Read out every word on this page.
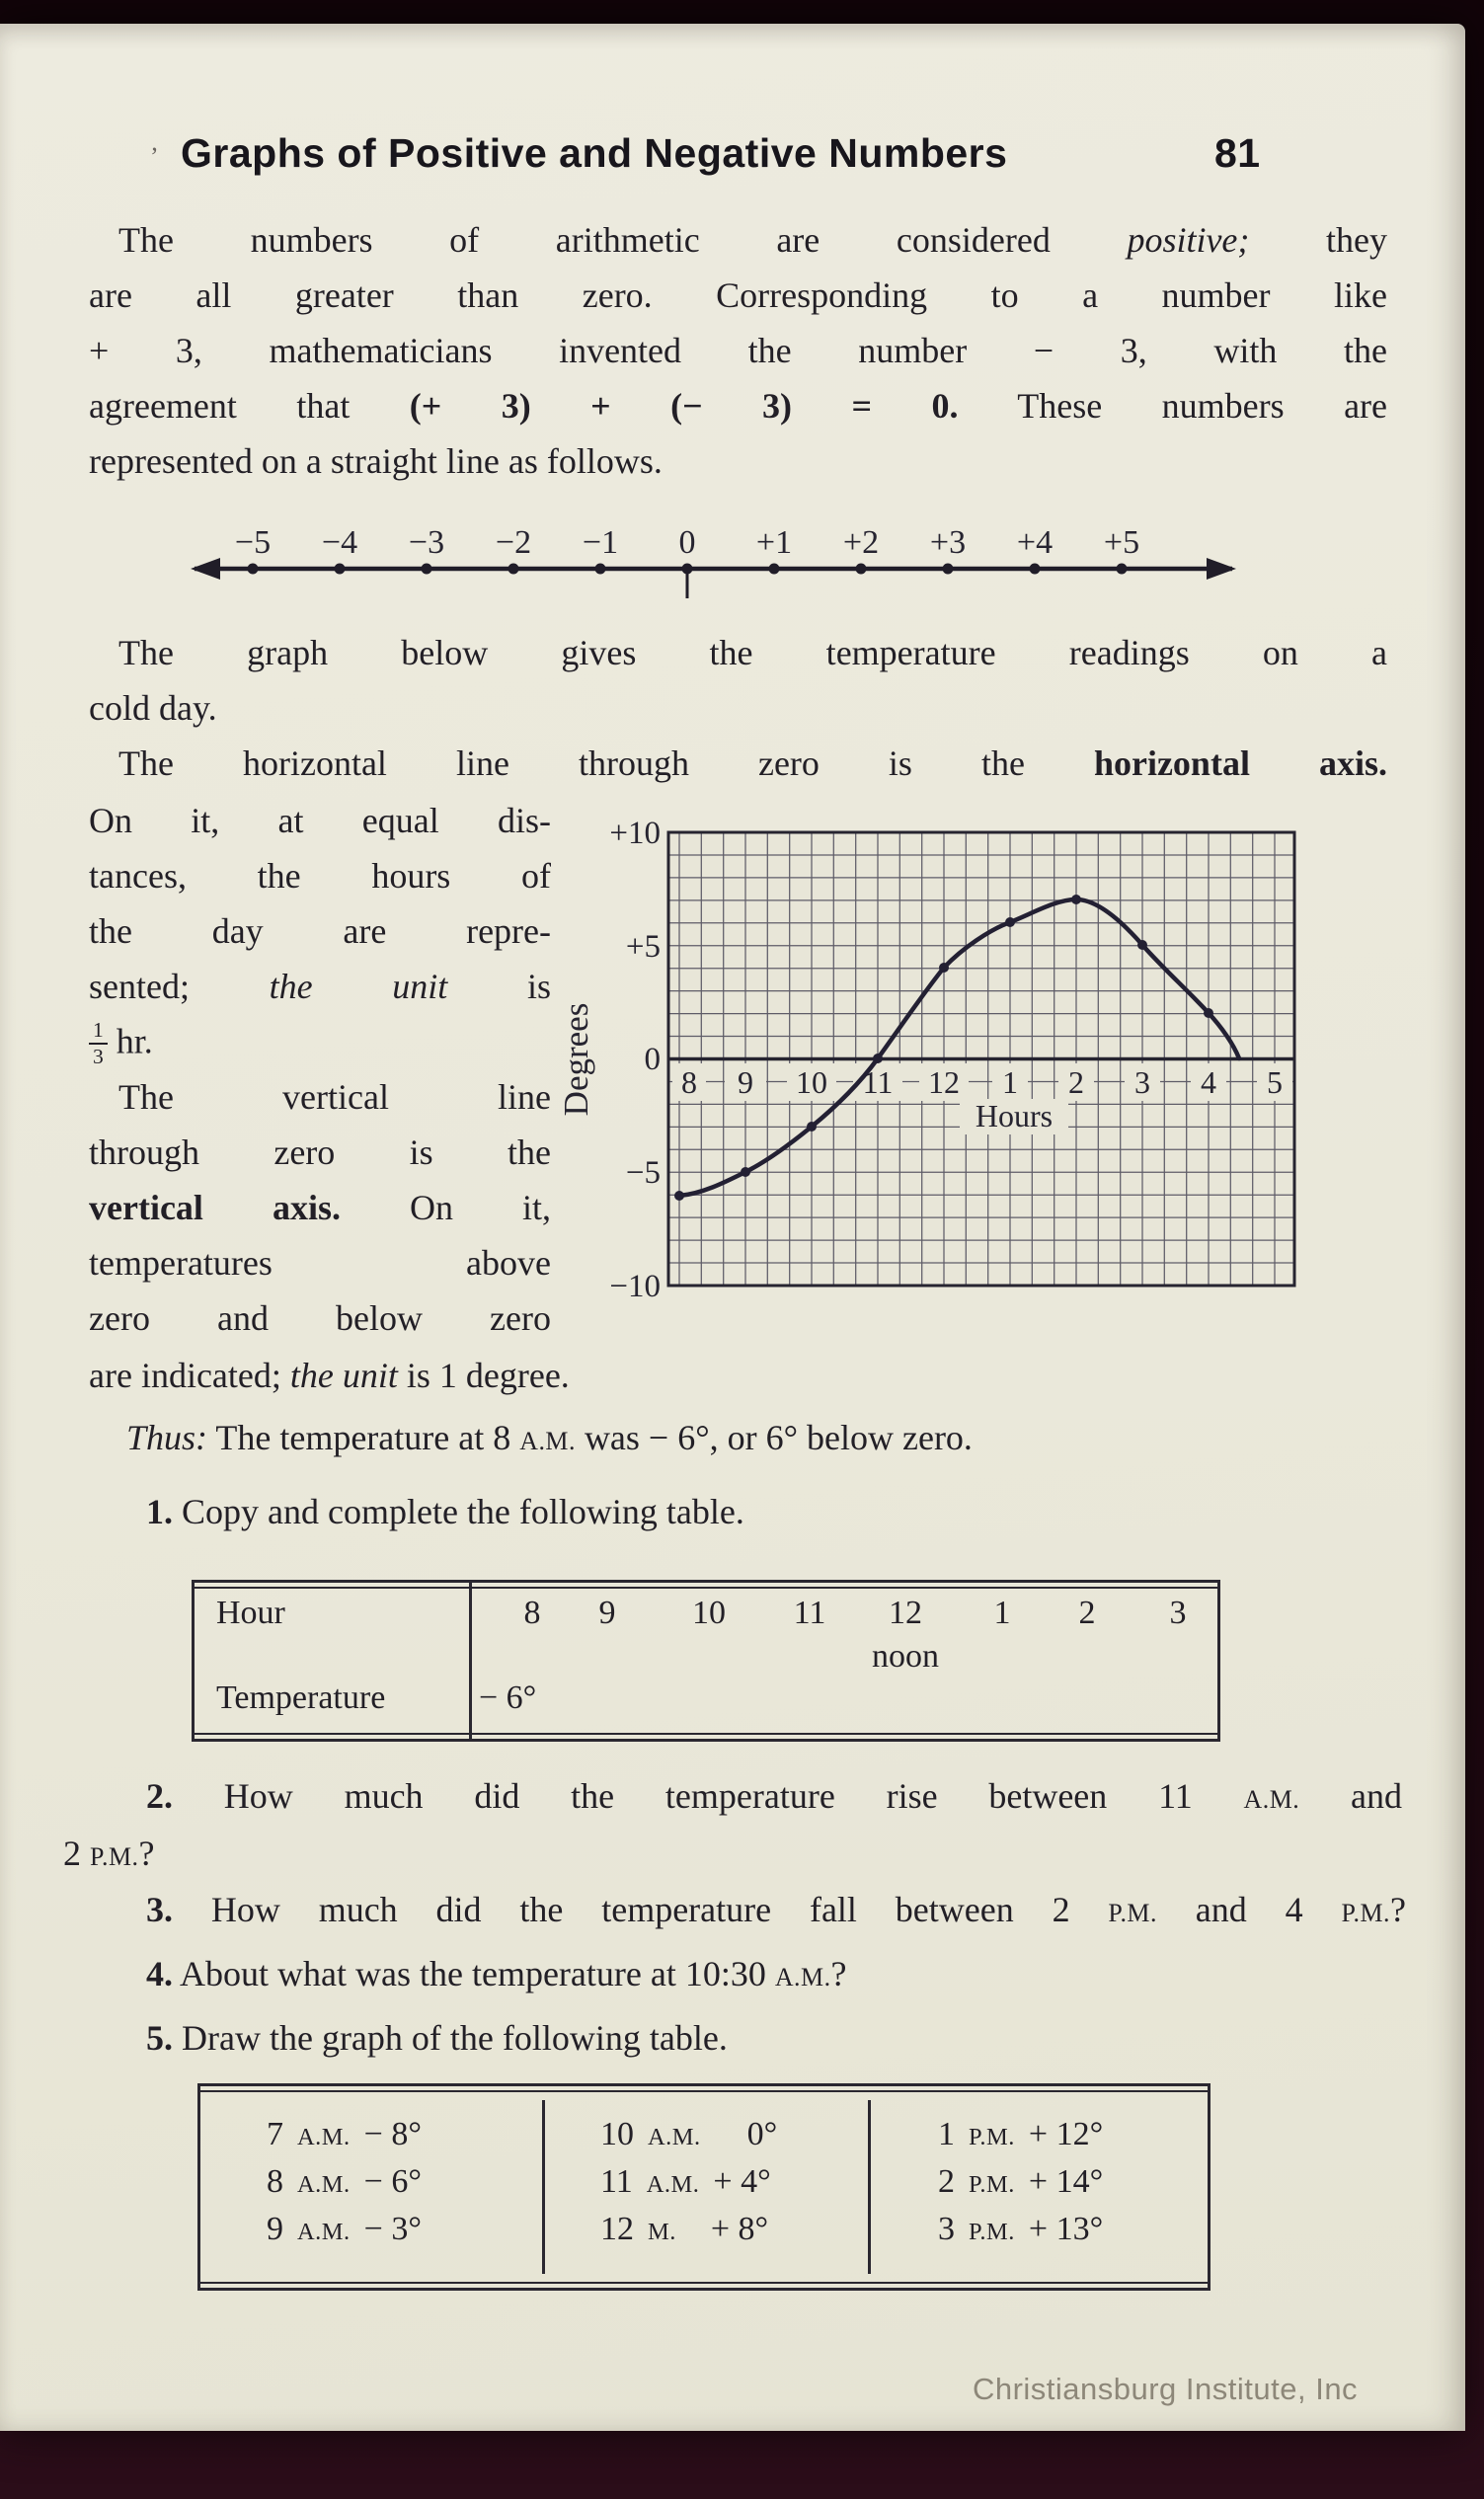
’ Graphs of Positive and Negative Numbers	81
The numbers of arithmetic are considered positive; they
are all greater than zero. Corresponding to a number like
+ 3, mathematicians invented the number − 3, with the
agreement that (+ 3) + (− 3) = 0. These numbers are
represented on a straight line as follows.
−5 −4 −3 −2 −1 0 +1 +2 +3 +4 +5
The graph below gives the temperature readings on a
cold day.
The horizontal line through zero is the horizontal axis.
On it, at equal dis-
tances, the hours of
the day are repre-
sented; the unit is
$\frac{1}{3}$ hr.
The vertical line
through zero is the
vertical axis. On it,
temperatures above
zero and below zero
are indicated; the unit is 1 degree.
8 9 10 11 12 1 2 3 4 5
Hours
+10
+5
0
−5
−10
Degrees
Thus: The temperature at 8 A.M. was − 6°, or 6° below zero.
1. Copy and complete the following table.
Hour
Temperature
8 9 10 11 12 1 2 3
noon
− 6°
2. How much did the temperature rise between 11 A.M. and
2 P.M.?
3. How much did the temperature fall between 2 P.M. and 4 P.M.?
4. About what was the temperature at 10:30 A.M.?
5. Draw the graph of the following table.
7 A.M. − 8°
8 A.M. − 6°
9 A.M. − 3°
10 A.M. 0°
11 A.M. + 4°
12 M. + 8°
1 P.M. + 12°
2 P.M. + 14°
3 P.M. + 13°
Christiansburg Institute, Inc
